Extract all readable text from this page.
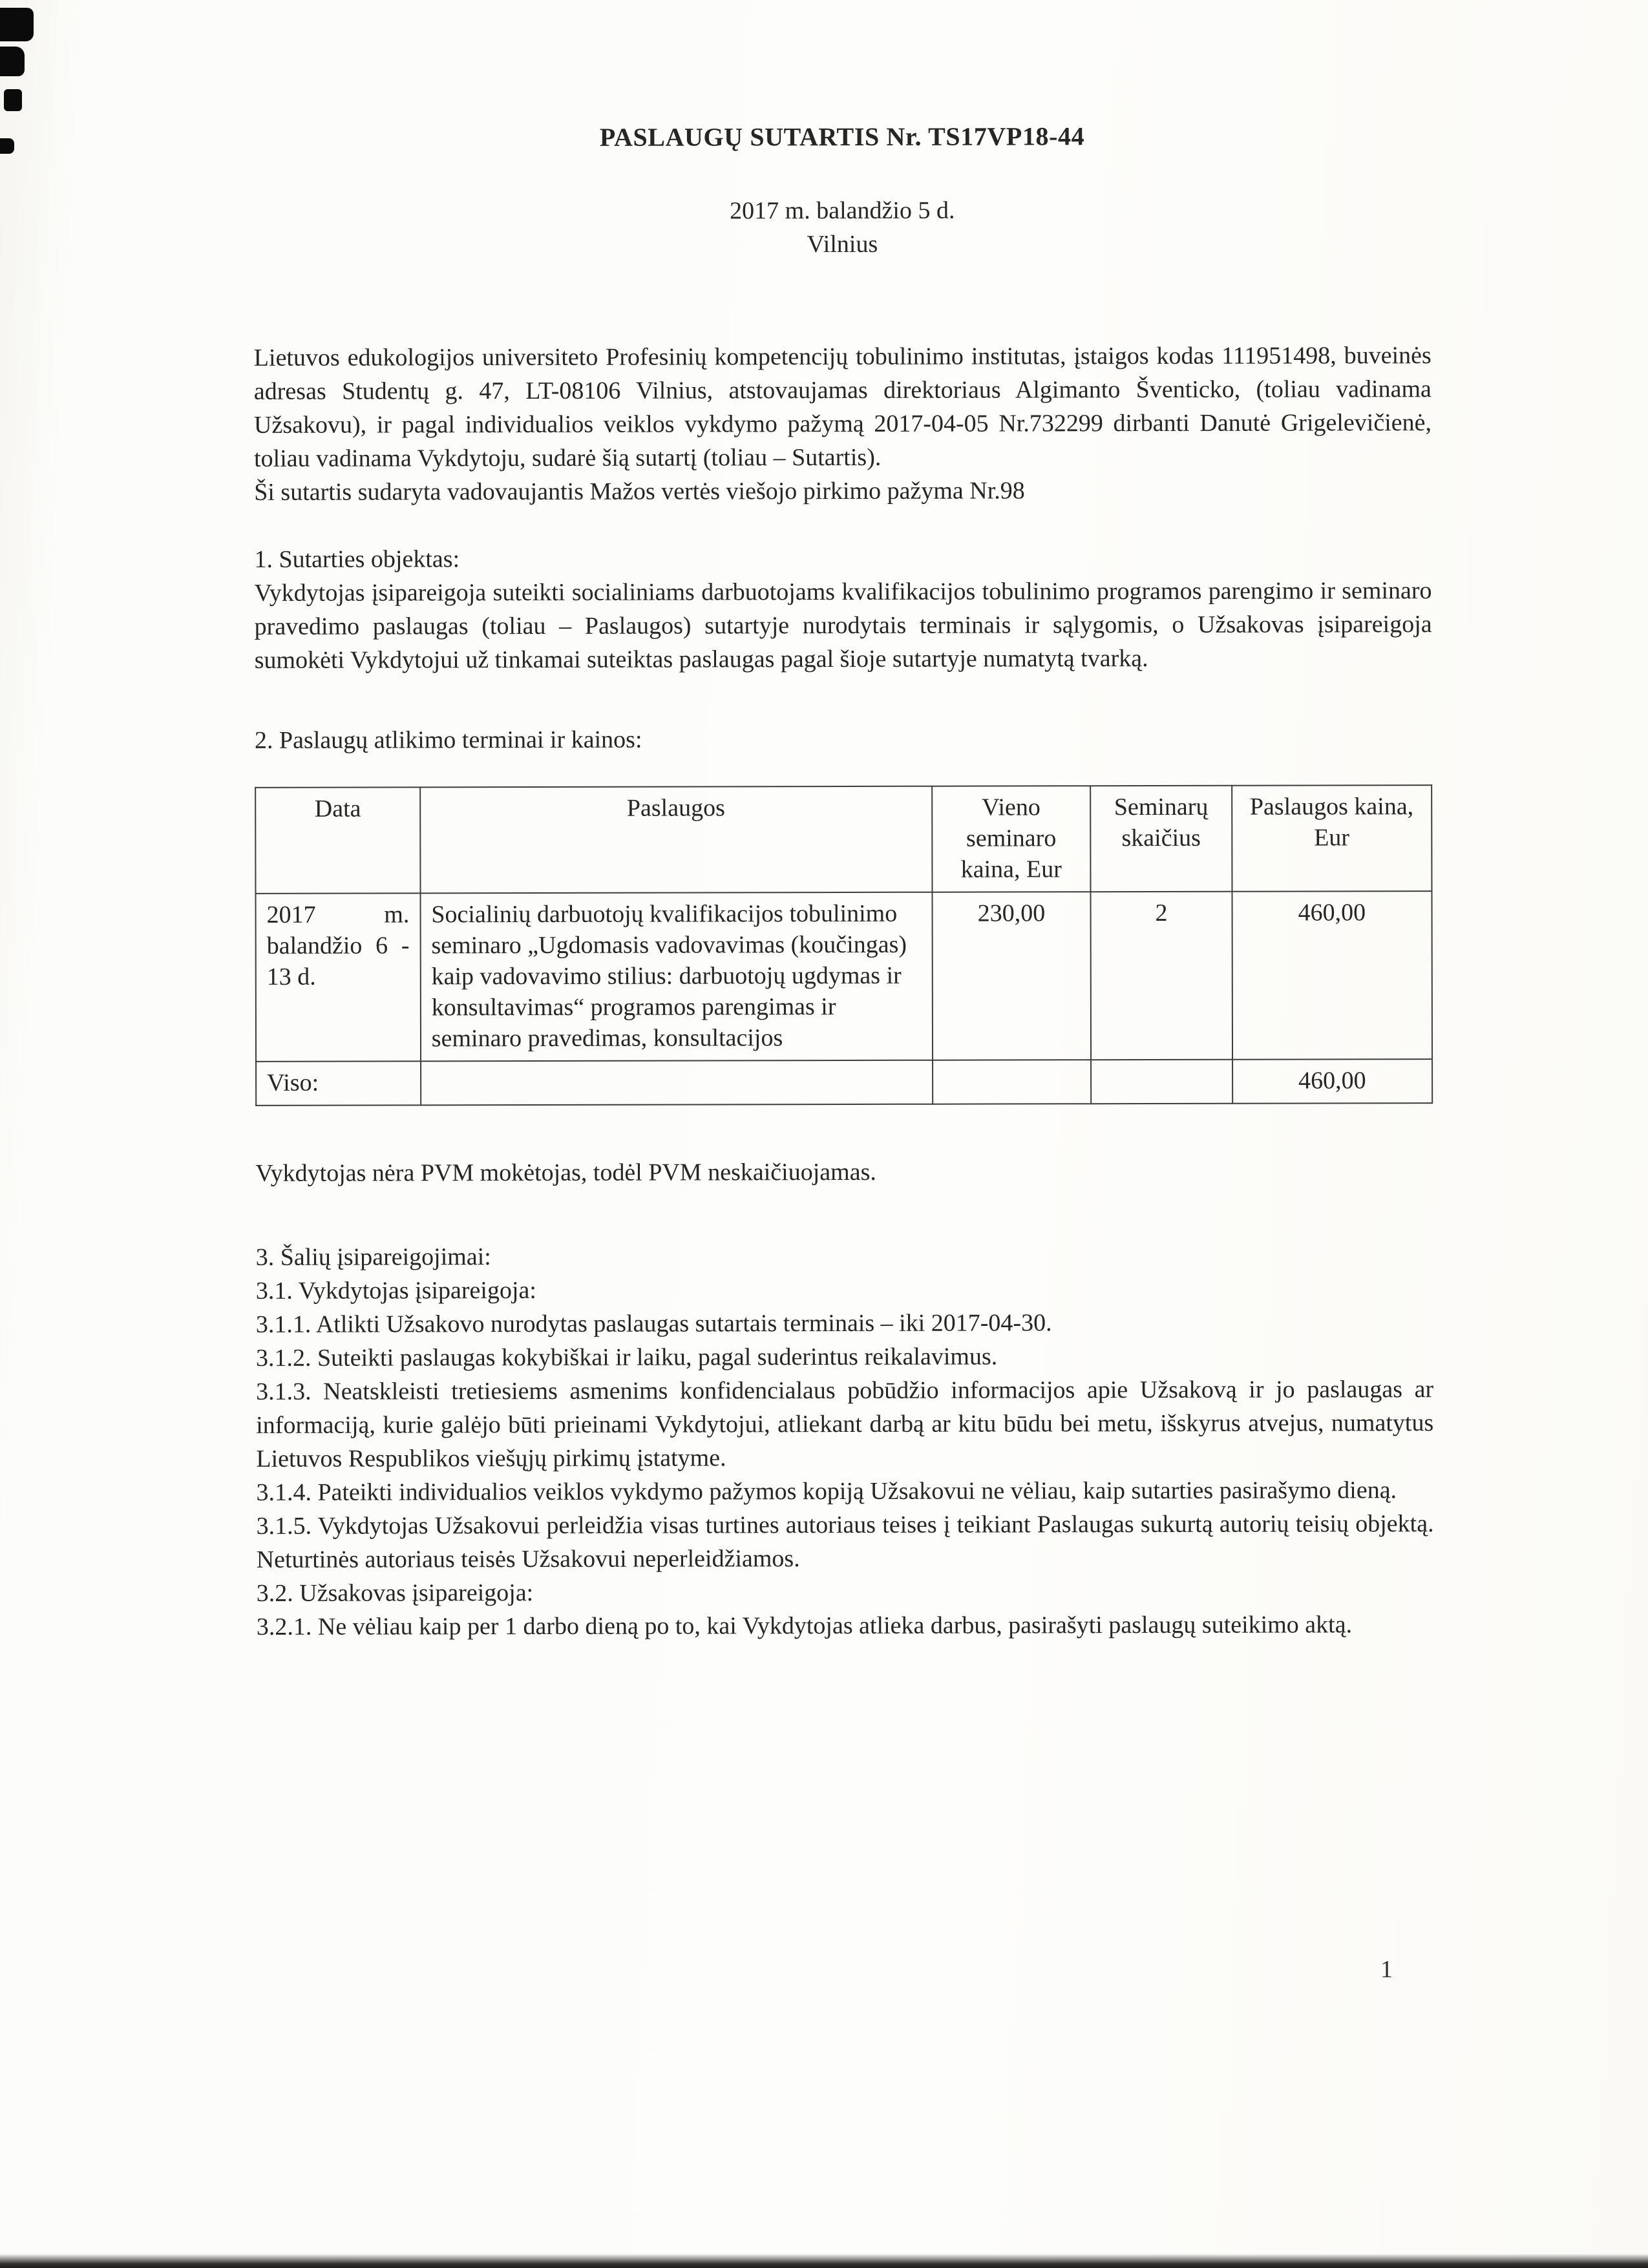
PASLAUGŲ SUTARTIS Nr. TS17VP18-44

2017 m. balandžio 5 d.

Vilnius

Lietuvos edukologijos universiteto Profesinių kompetencijų tobulinimo institutas, įstaigos kodas 111951498, buveinės adresas Studentų g. 47, LT-08106 Vilnius, atstovaujamas direktoriaus Algimanto Šventicko, (toliau vadinama Užsakovu), ir pagal individualios veiklos vykdymo pažymą 2017-04-05 Nr.732299 dirbanti Danutė Grigelevičienė, toliau vadinama Vykdytoju, sudarė šią sutartį (toliau – Sutartis).

Ši sutartis sudaryta vadovaujantis Mažos vertės viešojo pirkimo pažyma Nr.98

1. Sutarties objektas:

Vykdytojas įsipareigoja suteikti socialiniams darbuotojams kvalifikacijos tobulinimo programos parengimo ir seminaro pravedimo paslaugas (toliau – Paslaugos) sutartyje nurodytais terminais ir sąlygomis, o Užsakovas įsipareigoja sumokėti Vykdytojui už tinkamai suteiktas paslaugas pagal šioje sutartyje numatytą tvarką.

2. Paslaugų atlikimo terminai ir kainos:

Data	Paslaugos	Vieno seminaro kaina, Eur	Seminarų skaičius	Paslaugos kaina, Eur
2017 m. balandžio 6 - 13 d.	Socialinių darbuotojų kvalifikacijos tobulinimo seminaro „Ugdomasis vadovavimas (koučingas) kaip vadovavimo stilius: darbuotojų ugdymas ir konsultavimas“ programos parengimas ir seminaro pravedimas, konsultacijos	230,00	2	460,00
Viso:				460,00

Vykdytojas nėra PVM mokėtojas, todėl PVM neskaičiuojamas.

3. Šalių įsipareigojimai:

3.1. Vykdytojas įsipareigoja:

3.1.1. Atlikti Užsakovo nurodytas paslaugas sutartais terminais – iki 2017-04-30.

3.1.2. Suteikti paslaugas kokybiškai ir laiku, pagal suderintus reikalavimus.

3.1.3. Neatskleisti tretiesiems asmenims konfidencialaus pobūdžio informacijos apie Užsakovą ir jo paslaugas ar informaciją, kurie galėjo būti prieinami Vykdytojui, atliekant darbą ar kitu būdu bei metu, išskyrus atvejus, numatytus Lietuvos Respublikos viešųjų pirkimų įstatyme.

3.1.4. Pateikti individualios veiklos vykdymo pažymos kopiją Užsakovui ne vėliau, kaip sutarties pasirašymo dieną.

3.1.5. Vykdytojas Užsakovui perleidžia visas turtines autoriaus teises į teikiant Paslaugas sukurtą autorių teisių objektą. Neturtinės autoriaus teisės Užsakovui neperleidžiamos.

3.2. Užsakovas įsipareigoja:

3.2.1. Ne vėliau kaip per 1 darbo dieną po to, kai Vykdytojas atlieka darbus, pasirašyti paslaugų suteikimo aktą.

1
